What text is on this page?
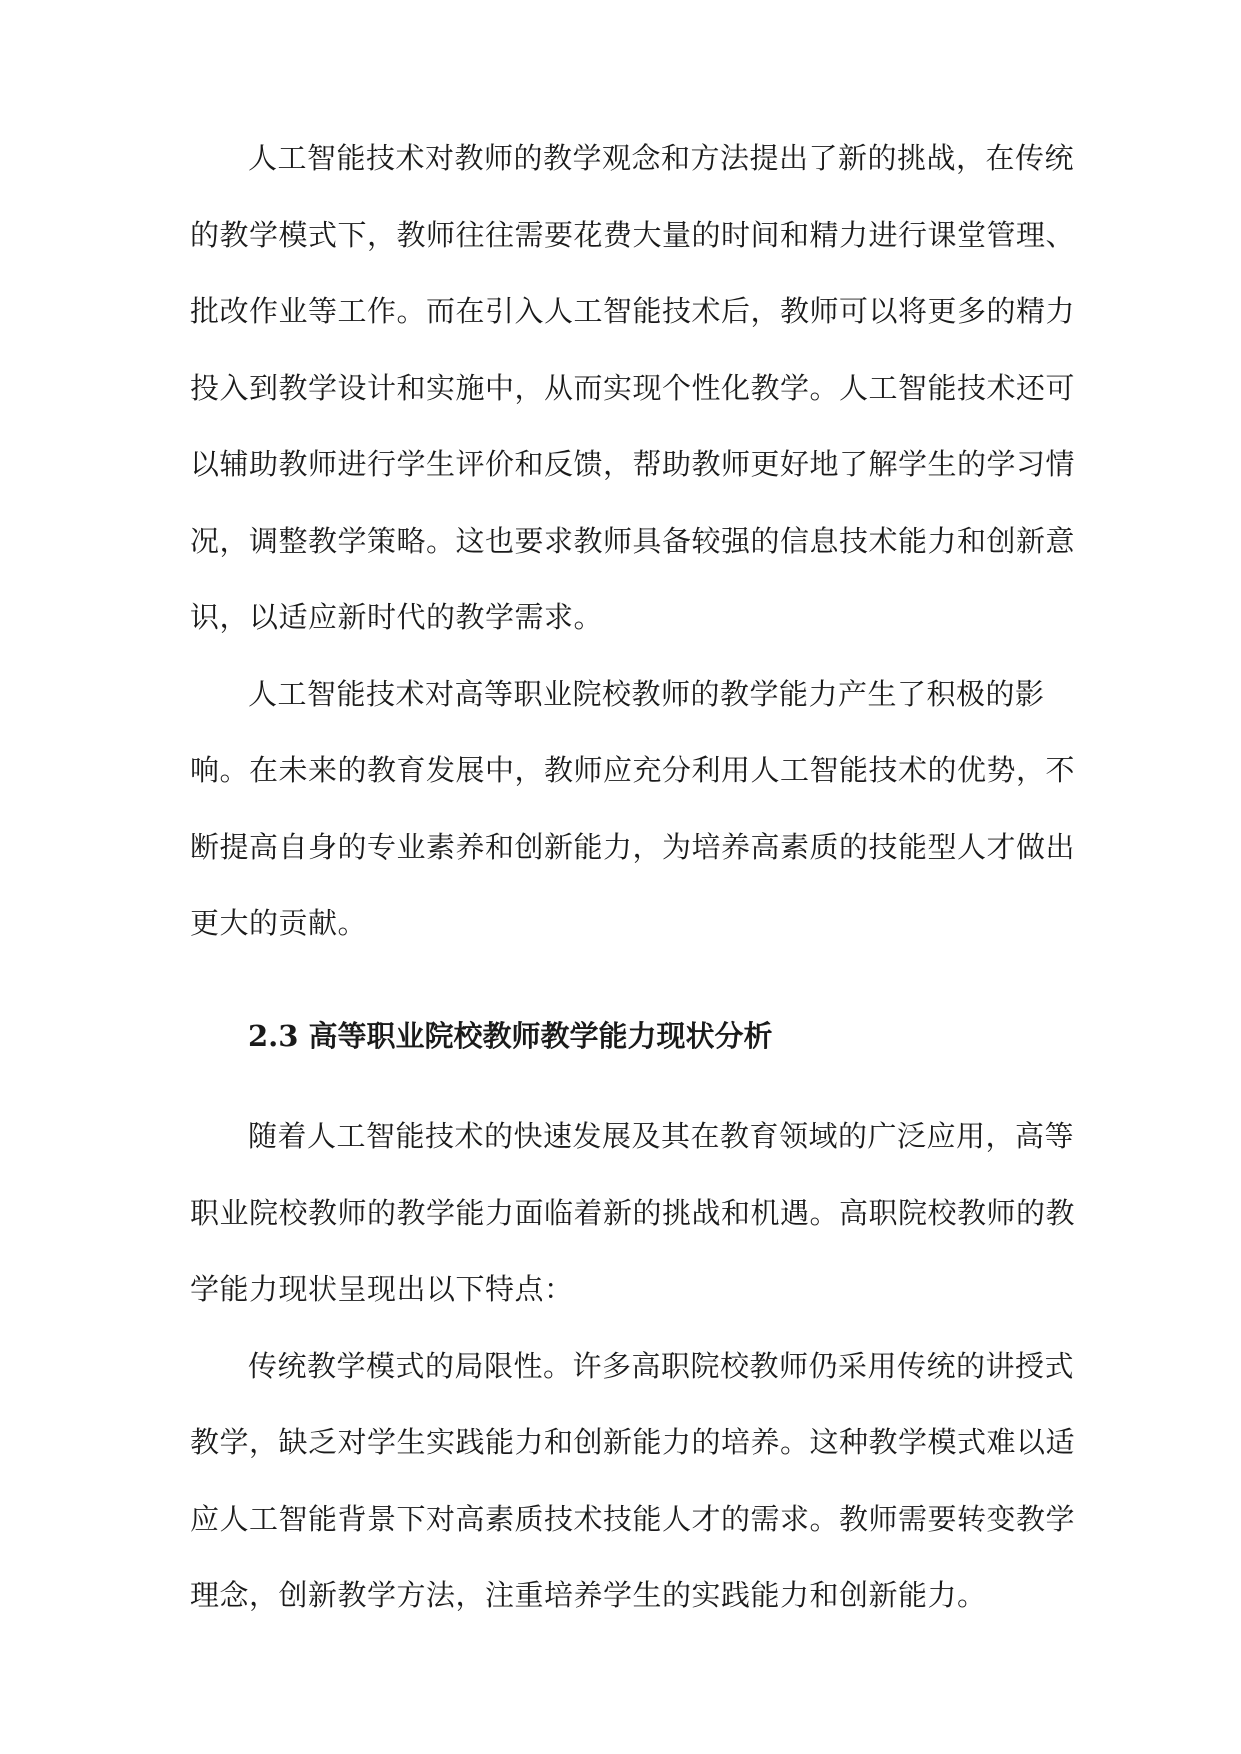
人工智能技术对教师的教学观念和方法提出了新的挑战，在传统
的教学模式下，教师往往需要花费大量的时间和精力进行课堂管理、
批改作业等工作。而在引入人工智能技术后，教师可以将更多的精力
投入到教学设计和实施中，从而实现个性化教学。人工智能技术还可
以辅助教师进行学生评价和反馈，帮助教师更好地了解学生的学习情
况，调整教学策略。这也要求教师具备较强的信息技术能力和创新意
识，以适应新时代的教学需求。

人工智能技术对高等职业院校教师的教学能力产生了积极的影
响。在未来的教育发展中，教师应充分利用人工智能技术的优势，不
断提高自身的专业素养和创新能力，为培养高素质的技能型人才做出
更大的贡献。

2.3 高等职业院校教师教学能力现状分析

随着人工智能技术的快速发展及其在教育领域的广泛应用，高等
职业院校教师的教学能力面临着新的挑战和机遇。高职院校教师的教
学能力现状呈现出以下特点：

传统教学模式的局限性。许多高职院校教师仍采用传统的讲授式
教学，缺乏对学生实践能力和创新能力的培养。这种教学模式难以适
应人工智能背景下对高素质技术技能人才的需求。教师需要转变教学
理念，创新教学方法，注重培养学生的实践能力和创新能力。
